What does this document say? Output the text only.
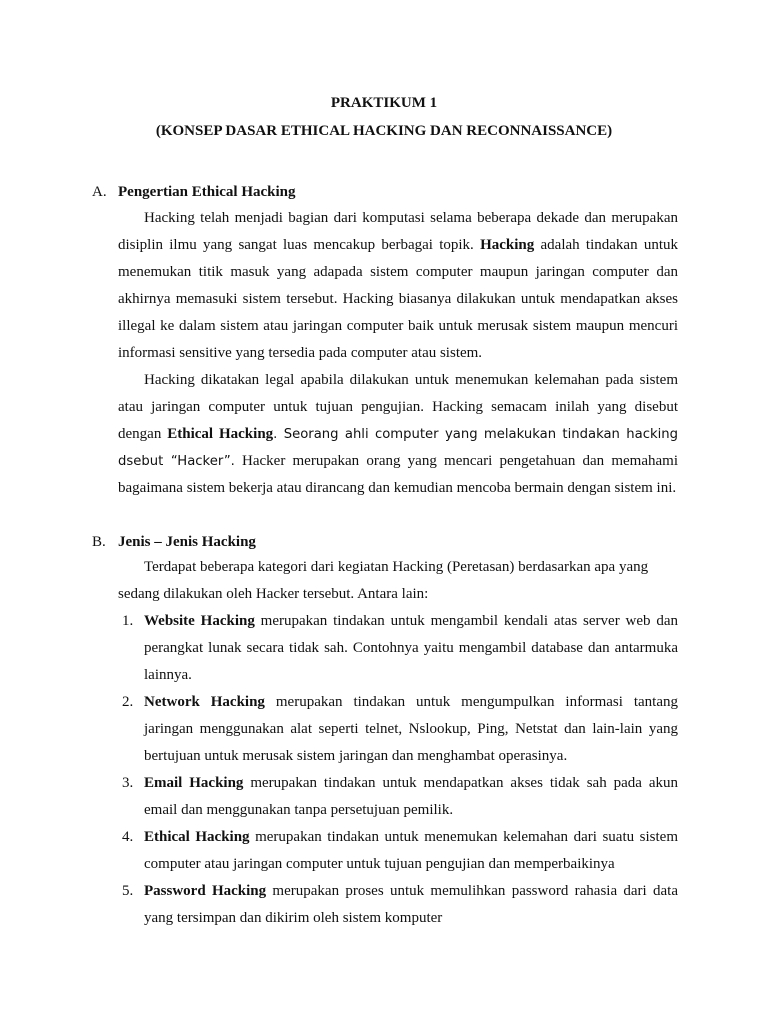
PRAKTIKUM 1
(KONSEP DASAR ETHICAL HACKING DAN RECONNAISSANCE)
A. Pengertian Ethical Hacking
Hacking telah menjadi bagian dari komputasi selama beberapa dekade dan merupakan disiplin ilmu yang sangat luas mencakup berbagai topik. Hacking adalah tindakan untuk menemukan titik masuk yang adapada sistem computer maupun jaringan computer dan akhirnya memasuki sistem tersebut. Hacking biasanya dilakukan untuk mendapatkan akses illegal ke dalam sistem atau jaringan computer baik untuk merusak sistem maupun mencuri informasi sensitive yang tersedia pada computer atau sistem.
Hacking dikatakan legal apabila dilakukan untuk menemukan kelemahan pada sistem atau jaringan computer untuk tujuan pengujian. Hacking semacam inilah yang disebut dengan Ethical Hacking. Seorang ahli computer yang melakukan tindakan hacking dsebut “Hacker”. Hacker merupakan orang yang mencari pengetahuan dan memahami bagaimana sistem bekerja atau dirancang dan kemudian mencoba bermain dengan sistem ini.
B. Jenis – Jenis Hacking
Terdapat beberapa kategori dari kegiatan Hacking (Peretasan) berdasarkan apa yang sedang dilakukan oleh Hacker tersebut. Antara lain:
1. Website Hacking merupakan tindakan untuk mengambil kendali atas server web dan perangkat lunak secara tidak sah. Contohnya yaitu mengambil database dan antarmuka lainnya.
2. Network Hacking merupakan tindakan untuk mengumpulkan informasi tantang jaringan menggunakan alat seperti telnet, Nslookup, Ping, Netstat dan lain-lain yang bertujuan untuk merusak sistem jaringan dan menghambat operasinya.
3. Email Hacking merupakan tindakan untuk mendapatkan akses tidak sah pada akun email dan menggunakan tanpa persetujuan pemilik.
4. Ethical Hacking merupakan tindakan untuk menemukan kelemahan dari suatu sistem computer atau jaringan computer untuk tujuan pengujian dan memperbaikinya
5. Password Hacking merupakan proses untuk memulihkan password rahasia dari data yang tersimpan dan dikirim oleh sistem komputer
